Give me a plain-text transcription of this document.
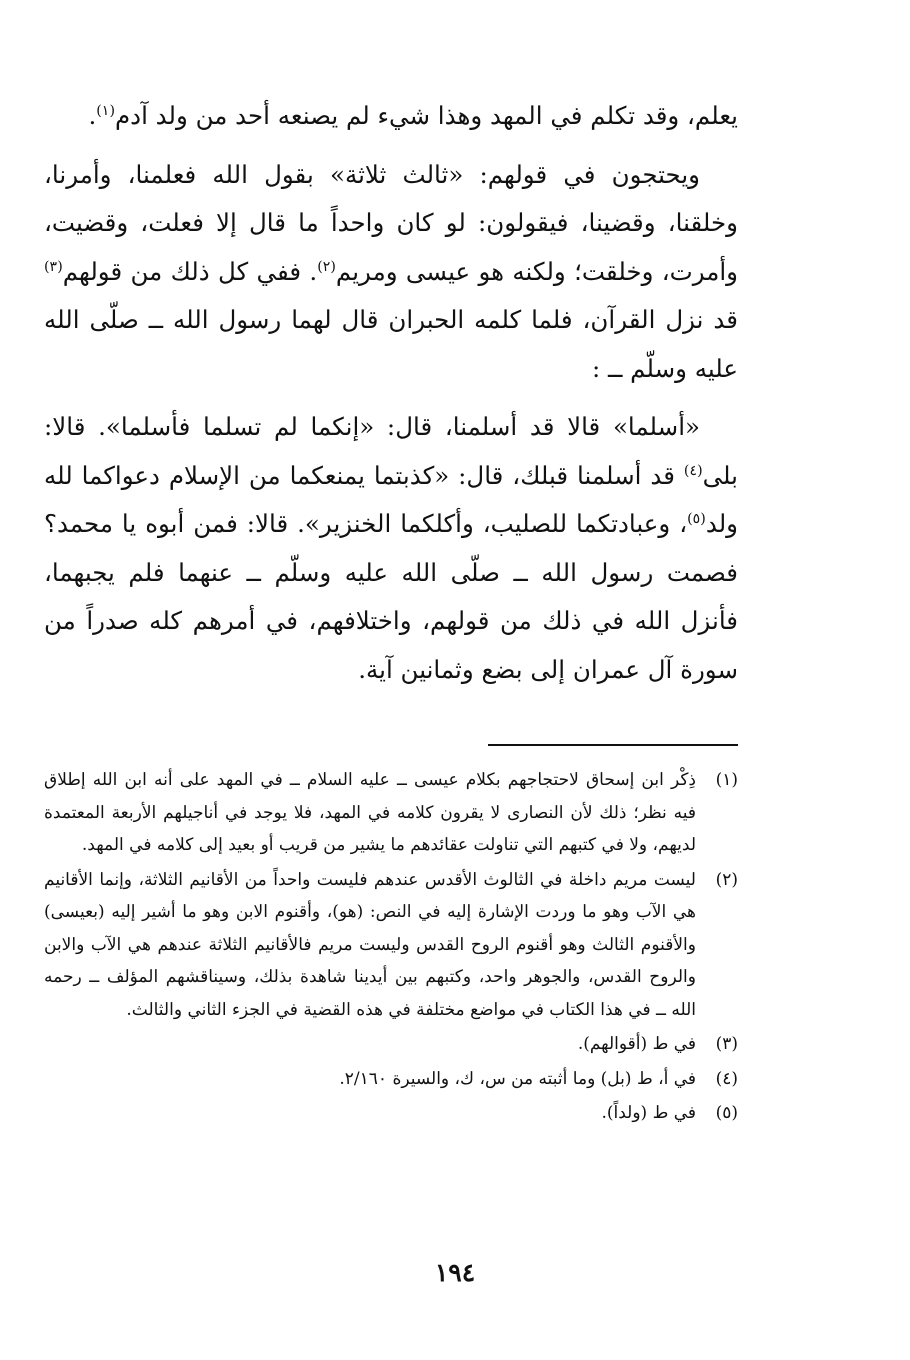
يعلم، وقد تكلم في المهد وهذا شيء لم يصنعه أحد من ولد آدم$^{(١)}$.

ويحتجون في قولهم: «ثالث ثلاثة» بقول الله فعلمنا، وأمرنا، وخلقنا، وقضينا، فيقولون: لو كان واحداً ما قال إلا فعلت، وقضيت، وأمرت، وخلقت؛ ولكنه هو عيسى ومريم$^{(٢)}$. ففي كل ذلك من قولهم$^{(٣)}$ قد نزل القرآن، فلما كلمه الحبران قال لهما رسول الله ــ صلّى الله عليه وسلّم ــ :

«أسلما» قالا قد أسلمنا، قال: «إنكما لم تسلما فأسلما». قالا: بلى$^{(٤)}$ قد أسلمنا قبلك، قال: «كذبتما يمنعكما من الإسلام دعواكما لله ولد$^{(٥)}$، وعبادتكما للصليب، وأكلكما الخنزير». قالا: فمن أبوه يا محمد؟ فصمت رسول الله ــ صلّى الله عليه وسلّم ــ عنهما فلم يجبهما، فأنزل الله في ذلك من قولهم، واختلافهم، في أمرهم كله صدراً من سورة آل عمران إلى بضع وثمانين آية.

(١)
ذِكْر ابن إسحاق لاحتجاجهم بكلام عيسى ــ عليه السلام ــ في المهد على أنه ابن الله إطلاق فيه نظر؛ ذلك لأن النصارى لا يقرون كلامه في المهد، فلا يوجد في أناجيلهم الأربعة المعتمدة لديهم، ولا في كتبهم التي تناولت عقائدهم ما يشير من قريب أو بعيد إلى كلامه في المهد.
(٢)
ليست مريم داخلة في الثالوث الأقدس عندهم فليست واحداً من الأقانيم الثلاثة، وإنما الأقانيم هي الآب وهو ما وردت الإشارة إليه في النص: (هو)، وأقنوم الابن وهو ما أشير إليه (بعيسى) والأقنوم الثالث وهو أقنوم الروح القدس وليست مريم فالأقانيم الثلاثة عندهم هي الآب والابن والروح القدس، والجوهر واحد، وكتبهم بين أيدينا شاهدة بذلك، وسيناقشهم المؤلف ــ رحمه الله ــ في هذا الكتاب في مواضع مختلفة في هذه القضية في الجزء الثاني والثالث.
(٣)
في ط (أقوالهم).
(٤)
في أ، ط (بل) وما أثبته من س، ك، والسيرة ٢/١٦٠.
(٥)
في ط (ولداً).
١٩٤
